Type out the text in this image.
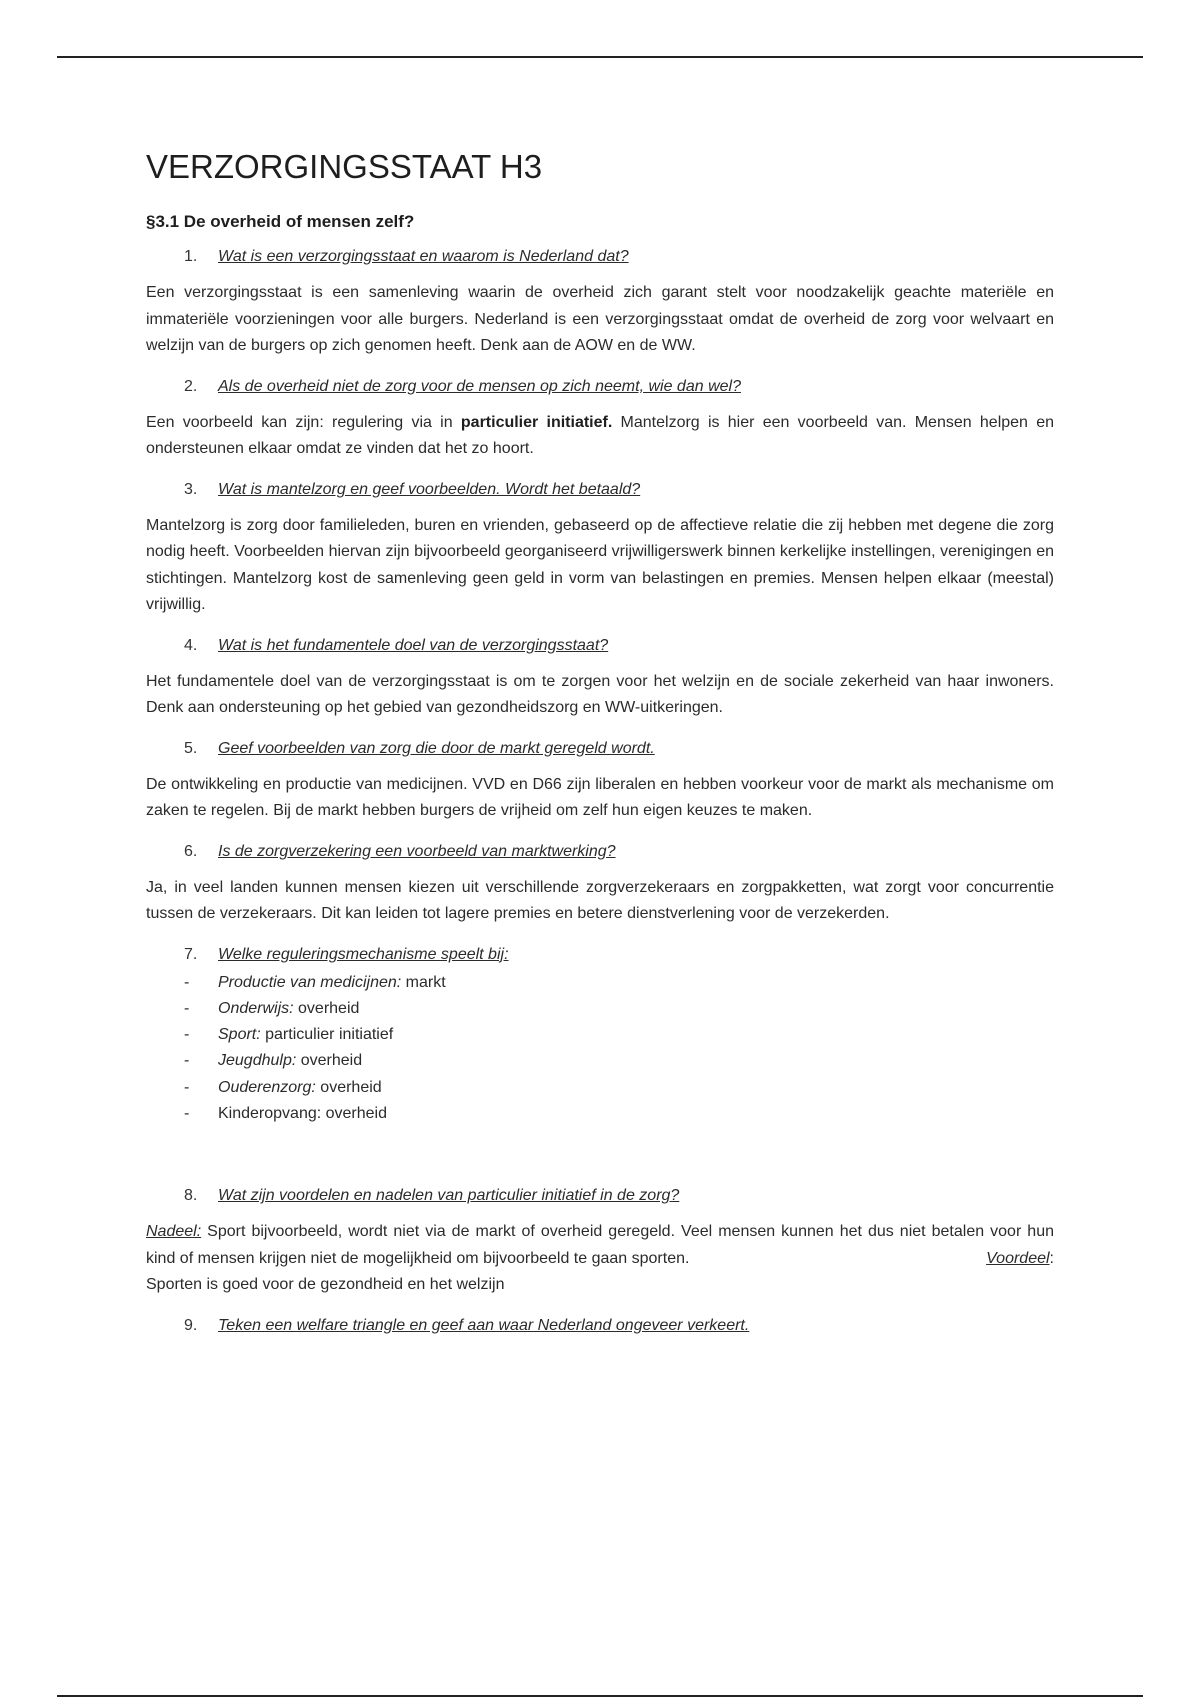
VERZORGINGSSTAAT H3
§3.1 De overheid of mensen zelf?
1. Wat is een verzorgingsstaat en waarom is Nederland dat?
Een verzorgingsstaat is een samenleving waarin de overheid zich garant stelt voor noodzakelijk geachte materiële en immateriële voorzieningen voor alle burgers. Nederland is een verzorgingsstaat omdat de overheid de zorg voor welvaart en welzijn van de burgers op zich genomen heeft. Denk aan de AOW en de WW.
2. Als de overheid niet de zorg voor de mensen op zich neemt, wie dan wel?
Een voorbeeld kan zijn: regulering via in particulier initiatief. Mantelzorg is hier een voorbeeld van. Mensen helpen en ondersteunen elkaar omdat ze vinden dat het zo hoort.
3. Wat is mantelzorg en geef voorbeelden. Wordt het betaald?
Mantelzorg is zorg door familieleden, buren en vrienden, gebaseerd op de affectieve relatie die zij hebben met degene die zorg nodig heeft. Voorbeelden hiervan zijn bijvoorbeeld georganiseerd vrijwilligerswerk binnen kerkelijke instellingen, verenigingen en stichtingen. Mantelzorg kost de samenleving geen geld in vorm van belastingen en premies. Mensen helpen elkaar (meestal) vrijwillig.
4. Wat is het fundamentele doel van de verzorgingsstaat?
Het fundamentele doel van de verzorgingsstaat is om te zorgen voor het welzijn en de sociale zekerheid van haar inwoners. Denk aan ondersteuning op het gebied van gezondheidszorg en WW-uitkeringen.
5. Geef voorbeelden van zorg die door de markt geregeld wordt.
De ontwikkeling en productie van medicijnen. VVD en D66 zijn liberalen en hebben voorkeur voor de markt als mechanisme om zaken te regelen. Bij de markt hebben burgers de vrijheid om zelf hun eigen keuzes te maken.
6. Is de zorgverzekering een voorbeeld van marktwerking?
Ja, in veel landen kunnen mensen kiezen uit verschillende zorgverzekeraars en zorgpakketten, wat zorgt voor concurrentie tussen de verzekeraars. Dit kan leiden tot lagere premies en betere dienstverlening voor de verzekerden.
7. Welke reguleringsmechanisme speelt bij:
- Productie van medicijnen: markt
- Onderwijs: overheid
- Sport: particulier initiatief
- Jeugdhulp: overheid
- Ouderenzorg: overheid
- Kinderopvang: overheid
8. Wat zijn voordelen en nadelen van particulier initiatief in de zorg?
Nadeel: Sport bijvoorbeeld, wordt niet via de markt of overheid geregeld. Veel mensen kunnen het dus niet betalen voor hun kind of mensen krijgen niet de mogelijkheid om bijvoorbeeld te gaan sporten.	Voordeel:

Sporten is goed voor de gezondheid en het welzijn
9. Teken een welfare triangle en geef aan waar Nederland ongeveer verkeert.
